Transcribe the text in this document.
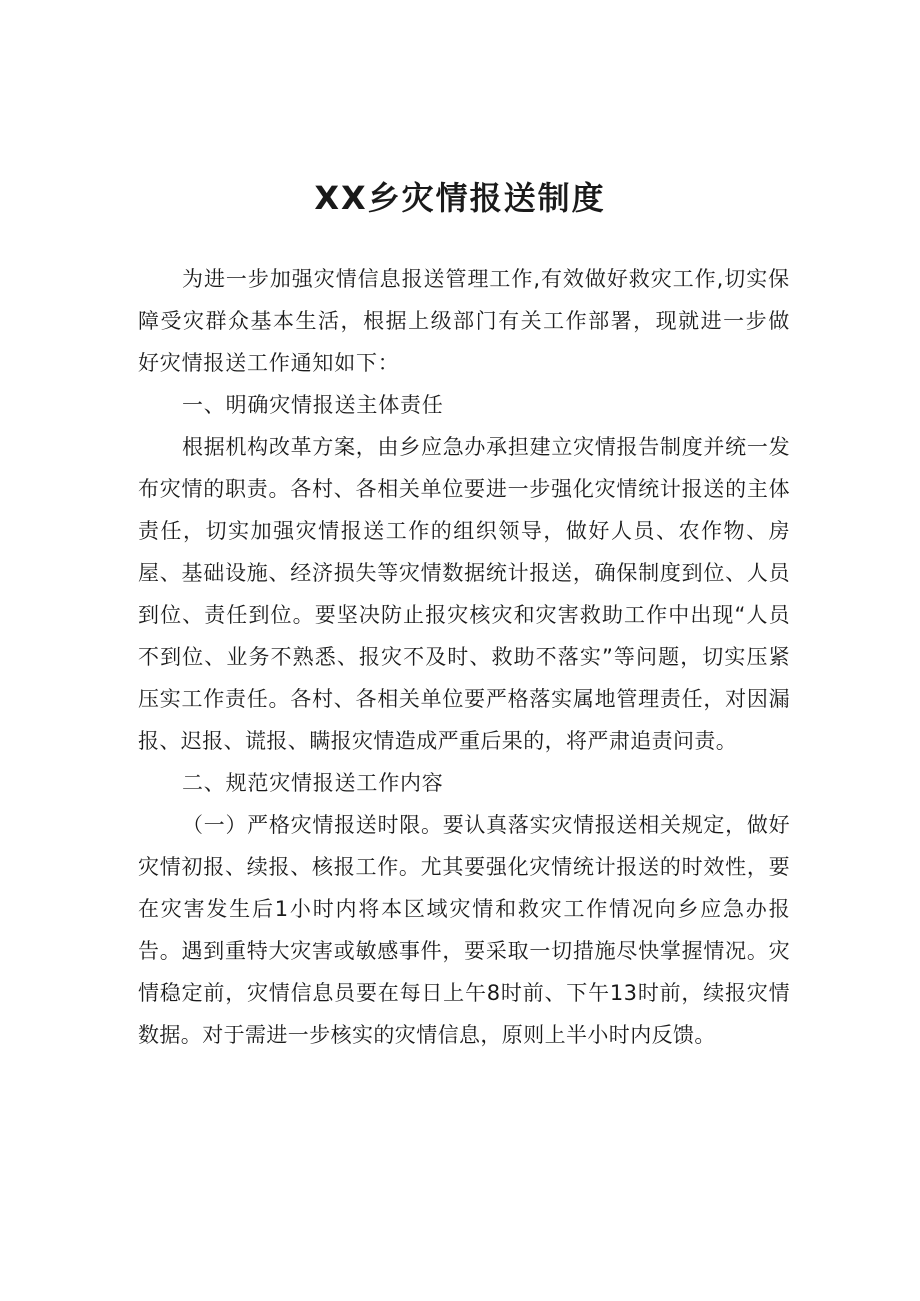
XX乡灾情报送制度

为进一步加强灾情信息报送管理工作,有效做好救灾工作,切实保障受灾群众基本生活，根据上级部门有关工作部署，现就进一步做好灾情报送工作通知如下：

一、明确灾情报送主体责任

根据机构改革方案，由乡应急办承担建立灾情报告制度并统一发布灾情的职责。各村、各相关单位要进一步强化灾情统计报送的主体责任，切实加强灾情报送工作的组织领导，做好人员、农作物、房屋、基础设施、经济损失等灾情数据统计报送，确保制度到位、人员到位、责任到位。要坚决防止报灾核灾和灾害救助工作中出现“人员不到位、业务不熟悉、报灾不及时、救助不落实”等问题，切实压紧压实工作责任。各村、各相关单位要严格落实属地管理责任，对因漏报、迟报、谎报、瞒报灾情造成严重后果的，将严肃追责问责。

二、规范灾情报送工作内容

（一）严格灾情报送时限。要认真落实灾情报送相关规定，做好灾情初报、续报、核报工作。尤其要强化灾情统计报送的时效性，要在灾害发生后1小时内将本区域灾情和救灾工作情况向乡应急办报告。遇到重特大灾害或敏感事件，要采取一切措施尽快掌握情况。灾情稳定前，灾情信息员要在每日上午8时前、下午13时前，续报灾情数据。对于需进一步核实的灾情信息，原则上半小时内反馈。
